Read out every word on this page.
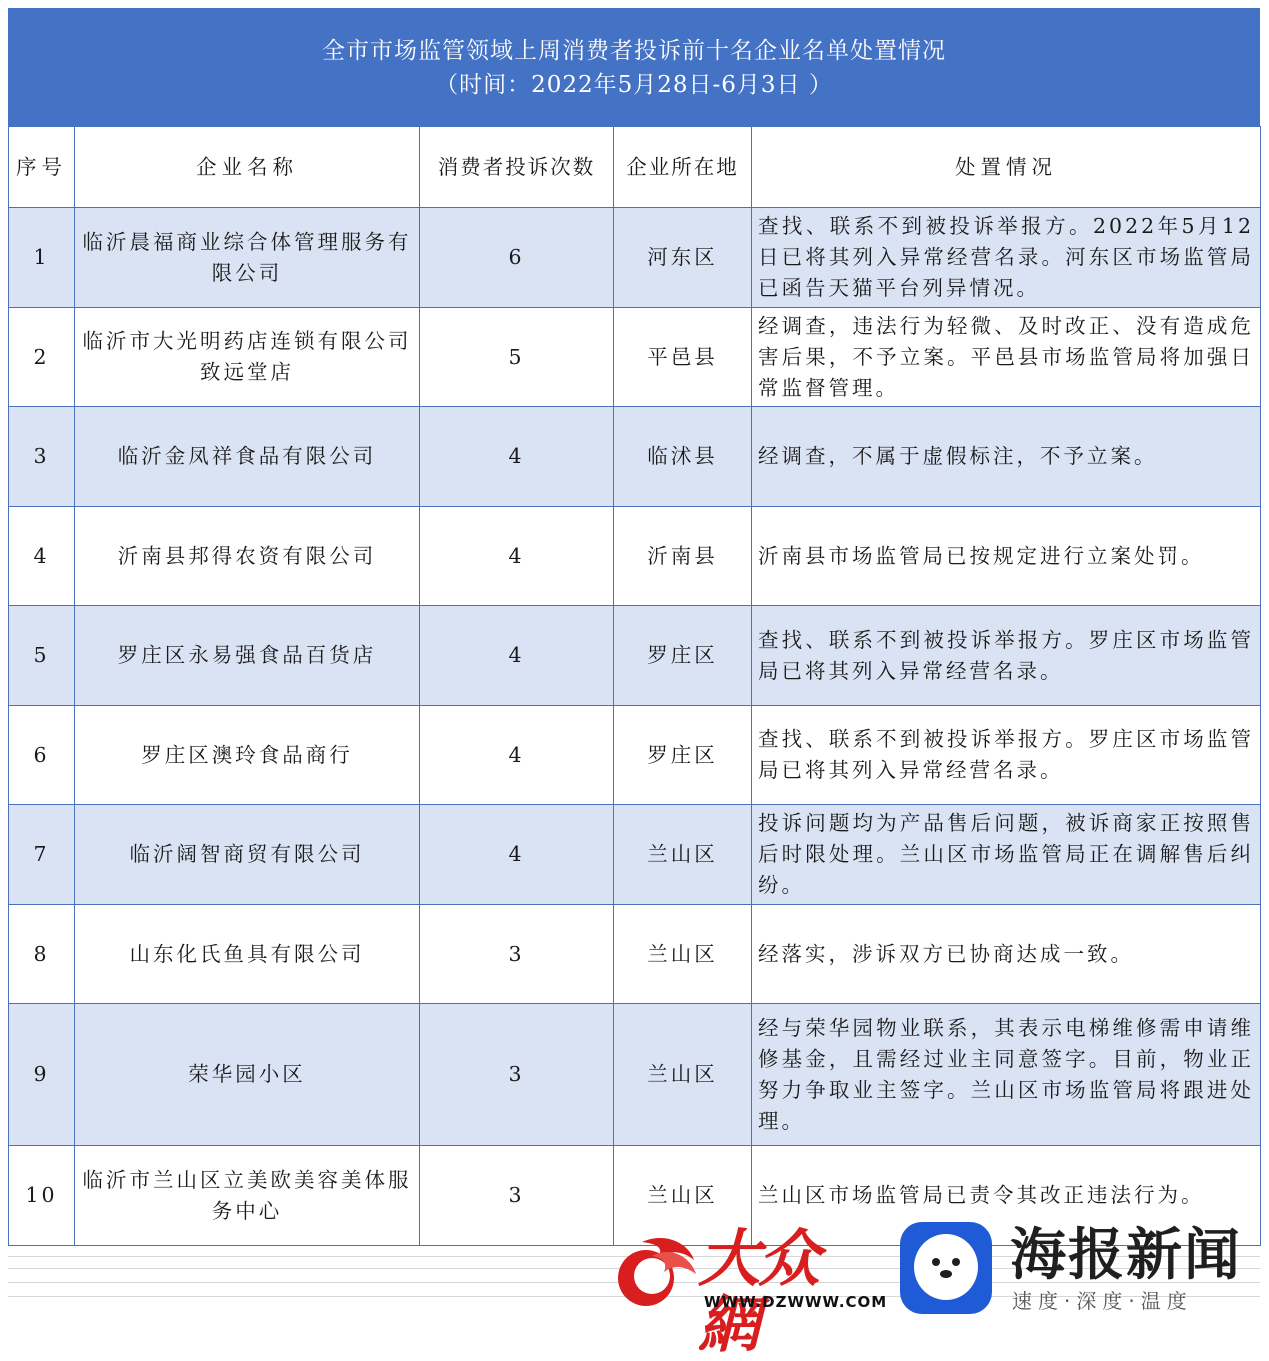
全市市场监管领域上周消费者投诉前十名企业名单处置情况
（时间：2022年5月28日-6月3日 ）
序号	企业名称	消费者投诉次数	企业所在地	处置情况
1	临沂晨福商业综合体管理服务有限公司	6	河东区	查找、联系不到被投诉举报方。2022年5月12日已将其列入异常经营名录。河东区市场监管局已函告天猫平台列异情况。
2	临沂市大光明药店连锁有限公司致远堂店	5	平邑县	经调查，违法行为轻微、及时改正、没有造成危害后果，不予立案。平邑县市场监管局将加强日常监督管理。
3	临沂金凤祥食品有限公司	4	临沭县	经调查，不属于虚假标注，不予立案。
4	沂南县邦得农资有限公司	4	沂南县	沂南县市场监管局已按规定进行立案处罚。
5	罗庄区永易强食品百货店	4	罗庄区	查找、联系不到被投诉举报方。罗庄区市场监管局已将其列入异常经营名录。
6	罗庄区澳玲食品商行	4	罗庄区	查找、联系不到被投诉举报方。罗庄区市场监管局已将其列入异常经营名录。
7	临沂阔智商贸有限公司	4	兰山区	投诉问题均为产品售后问题，被诉商家正按照售后时限处理。兰山区市场监管局正在调解售后纠纷。
8	山东化氏鱼具有限公司	3	兰山区	经落实，涉诉双方已协商达成一致。
9	荣华园小区	3	兰山区	经与荣华园物业联系，其表示电梯维修需申请维修基金，且需经过业主同意签字。目前，物业正努力争取业主签字。兰山区市场监管局将跟进处理。
10	临沂市兰山区立美欧美容美体服务中心	3	兰山区	兰山区市场监管局已责令其改正违法行为。
大众網
WWW.DZWWW.COM
海报新闻
速度·深度·温度
